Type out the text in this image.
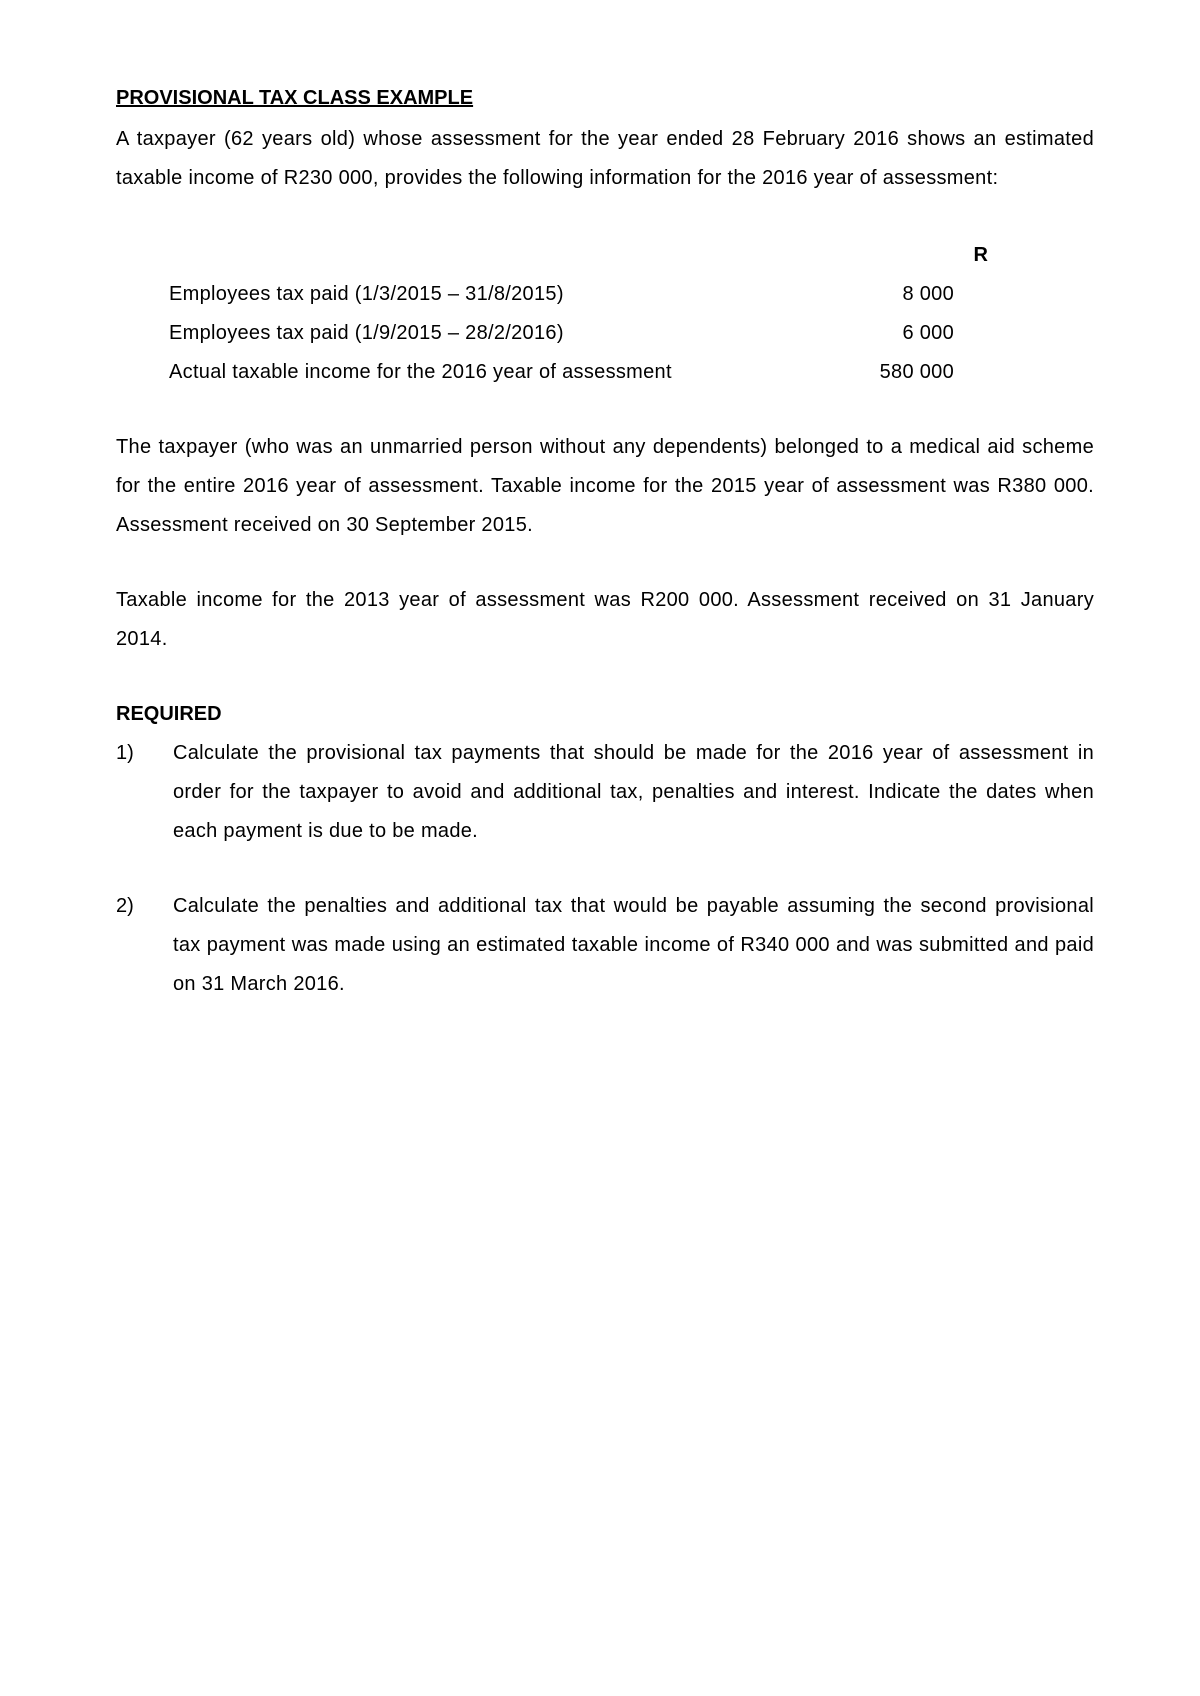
PROVISIONAL TAX CLASS EXAMPLE

A taxpayer (62 years old) whose assessment for the year ended 28 February 2016 shows an estimated taxable income of R230 000, provides the following information for the 2016 year of assessment:

R
Employees tax paid (1/3/2015 – 31/8/2015)	8 000
Employees tax paid (1/9/2015 – 28/2/2016)	6 000
Actual taxable income for the 2016 year of assessment	580 000

The taxpayer (who was an unmarried person without any dependents) belonged to a medical aid scheme for the entire 2016 year of assessment. Taxable income for the 2015 year of assessment was R380 000. Assessment received on 30 September 2015.

Taxable income for the 2013 year of assessment was R200 000. Assessment received on 31 January 2014.

REQUIRED

1) Calculate the provisional tax payments that should be made for the 2016 year of assessment in order for the taxpayer to avoid and additional tax, penalties and interest. Indicate the dates when each payment is due to be made.

2) Calculate the penalties and additional tax that would be payable assuming the second provisional tax payment was made using an estimated taxable income of R340 000 and was submitted and paid on 31 March 2016.
